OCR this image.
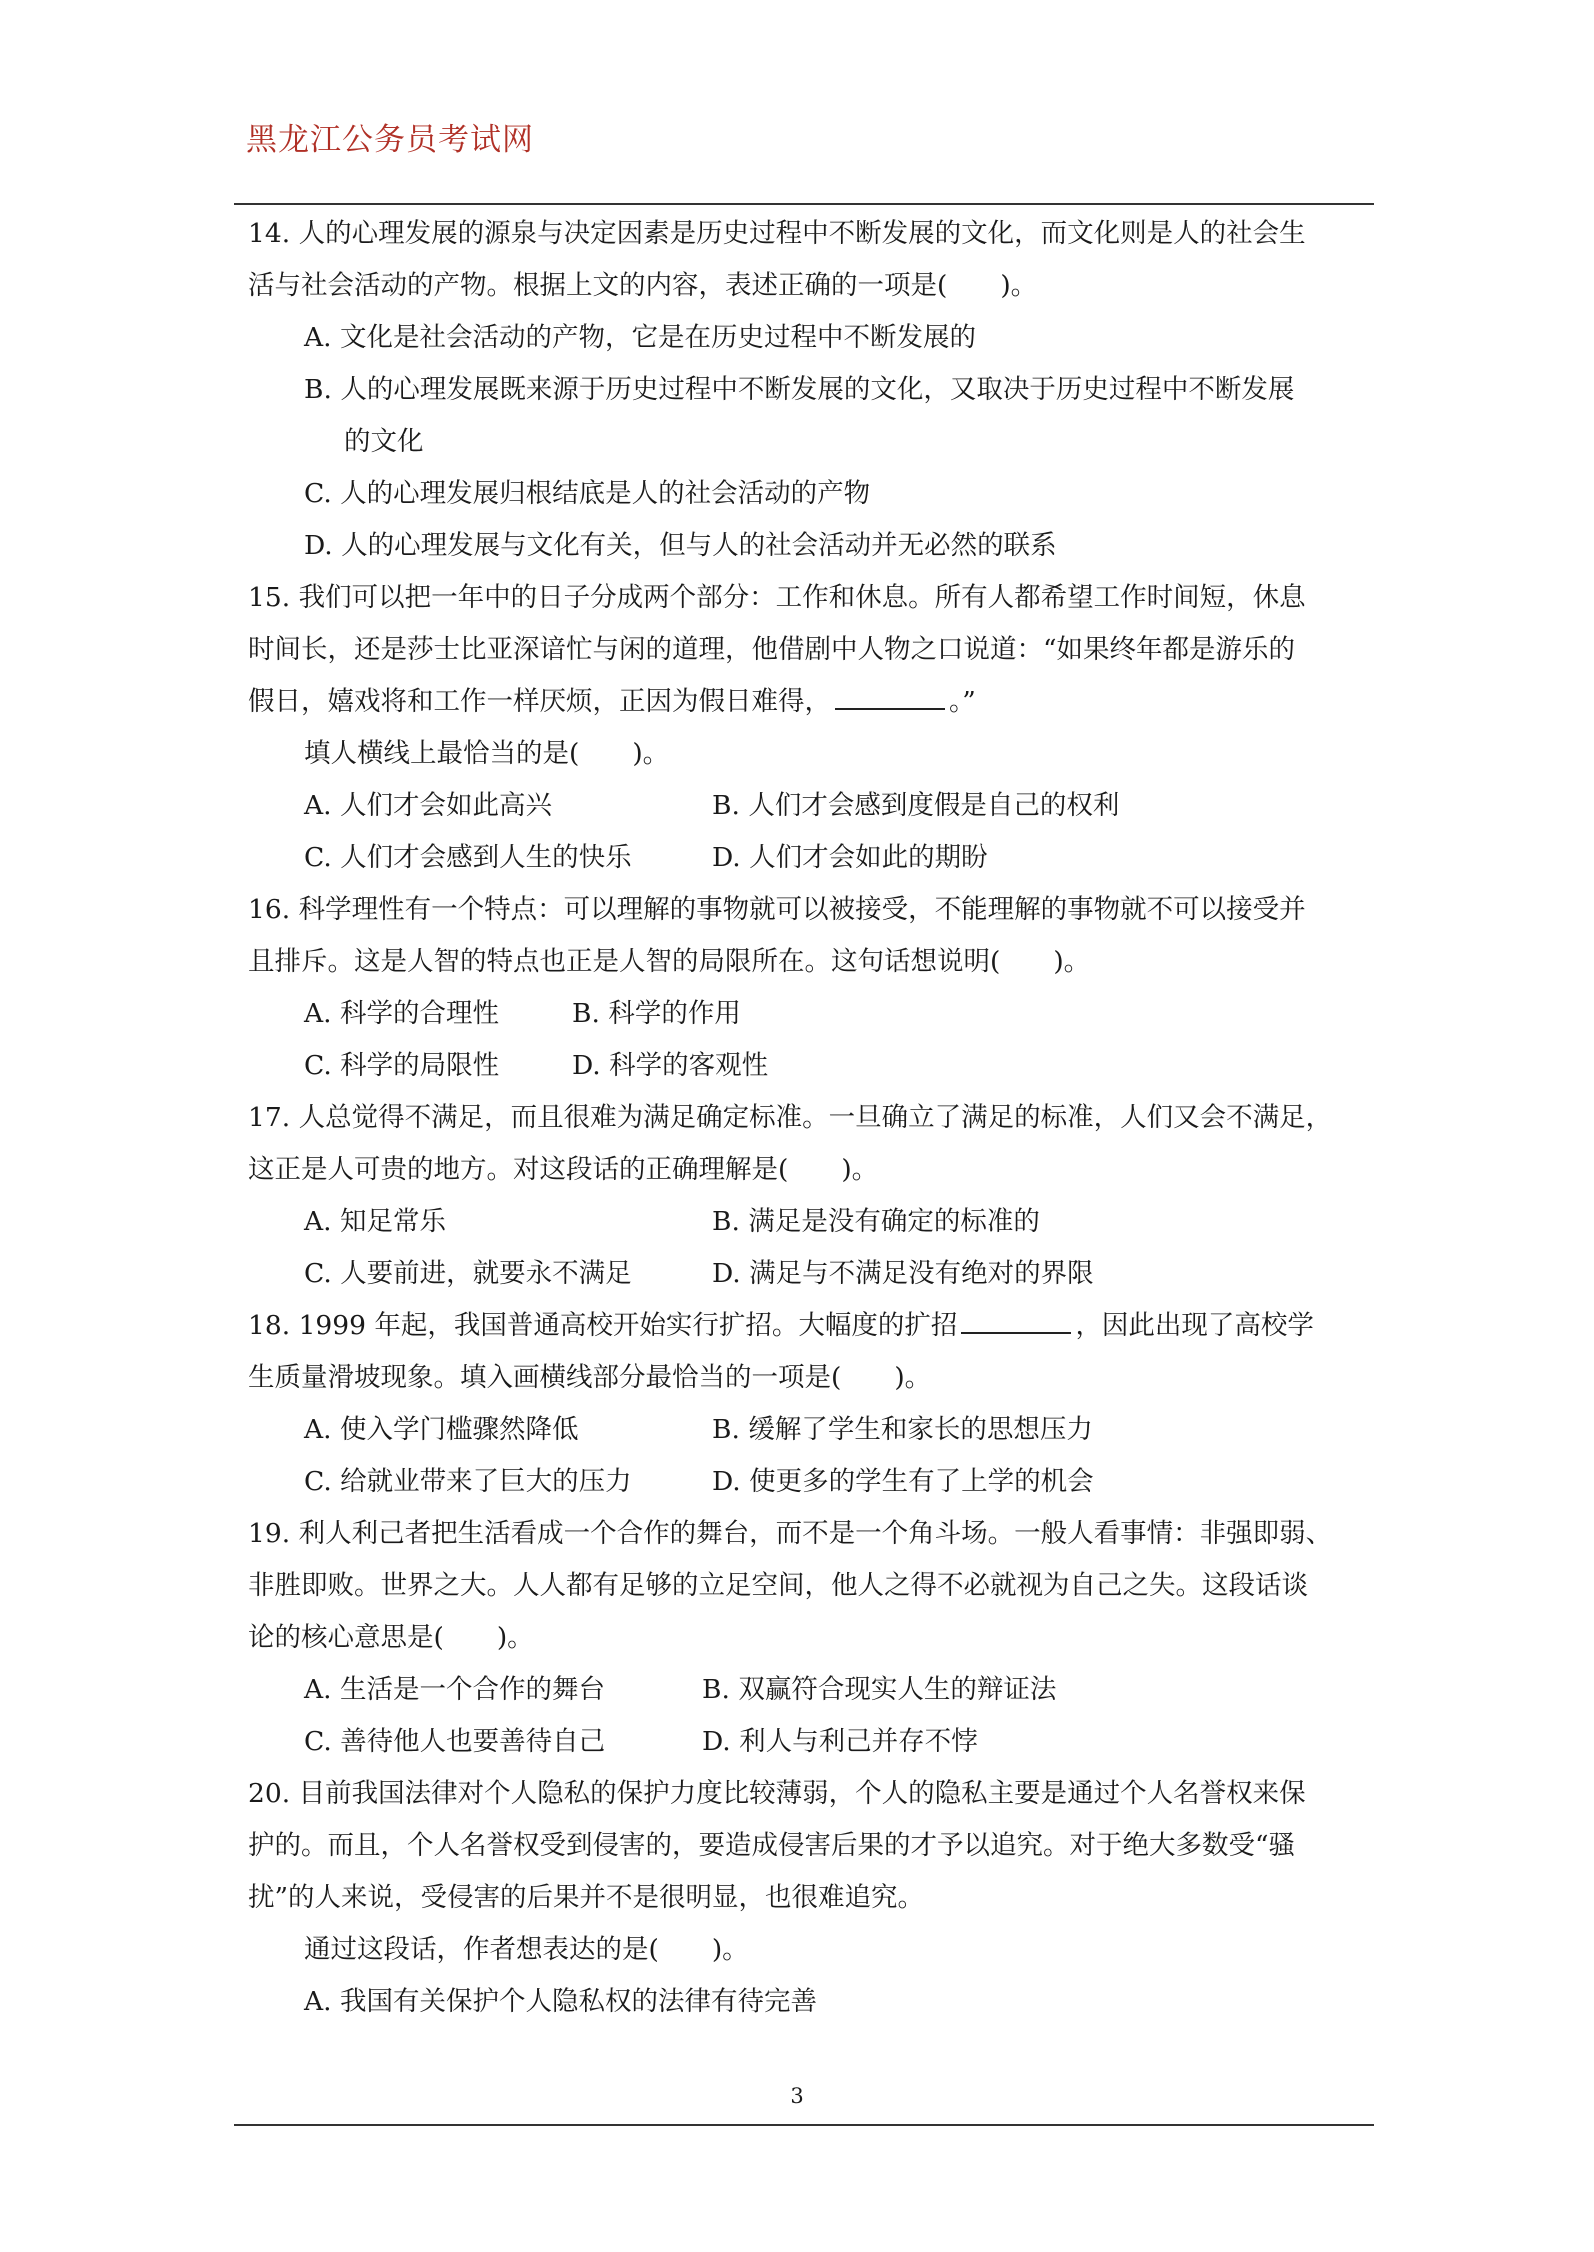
黑龙江公务员考试网

14. 人的心理发展的源泉与决定因素是历史过程中不断发展的文化，而文化则是人的社会生

活与社会活动的产物。根据上文的内容，表述正确的一项是(　　)。

A. 文化是社会活动的产物，它是在历史过程中不断发展的

B. 人的心理发展既来源于历史过程中不断发展的文化，又取决于历史过程中不断发展

的文化

C. 人的心理发展归根结底是人的社会活动的产物

D. 人的心理发展与文化有关，但与人的社会活动并无必然的联系

15. 我们可以把一年中的日子分成两个部分：工作和休息。所有人都希望工作时间短，休息

时间长，还是莎士比亚深谙忙与闲的道理，他借剧中人物之口说道：“如果终年都是游乐的

假日，嬉戏将和工作一样厌烦，正因为假日难得，	。”

填人横线上最恰当的是(　　)。

A. 人们才会如此高兴	B. 人们才会感到度假是自己的权利
C. 人们才会感到人生的快乐	D. 人们才会如此的期盼

16. 科学理性有一个特点：可以理解的事物就可以被接受，不能理解的事物就不可以接受并

且排斥。这是人智的特点也正是人智的局限所在。这句话想说明(　　)。

A. 科学的合理性	B. 科学的作用
C. 科学的局限性	D. 科学的客观性

17. 人总觉得不满足，而且很难为满足确定标准。一旦确立了满足的标准，人们又会不满足，

这正是人可贵的地方。对这段话的正确理解是(　　)。

A. 知足常乐	B. 满足是没有确定的标准的
C. 人要前进，就要永不满足	D. 满足与不满足没有绝对的界限

18. 1999 年起，我国普通高校开始实行扩招。大幅度的扩招	，因此出现了高校学

生质量滑坡现象。填入画横线部分最恰当的一项是(　　)。

A. 使入学门槛骤然降低	B. 缓解了学生和家长的思想压力
C. 给就业带来了巨大的压力	D. 使更多的学生有了上学的机会

19. 利人利己者把生活看成一个合作的舞台，而不是一个角斗场。一般人看事情：非强即弱、

非胜即败。世界之大。人人都有足够的立足空间，他人之得不必就视为自己之失。这段话谈

论的核心意思是(　　)。

A. 生活是一个合作的舞台	B. 双赢符合现实人生的辩证法
C. 善待他人也要善待自己	D. 利人与利己并存不悖

20. 目前我国法律对个人隐私的保护力度比较薄弱，个人的隐私主要是通过个人名誉权来保

护的。而且，个人名誉权受到侵害的，要造成侵害后果的才予以追究。对于绝大多数受“骚

扰”的人来说，受侵害的后果并不是很明显，也很难追究。

通过这段话，作者想表达的是(　　)。

A. 我国有关保护个人隐私权的法律有待完善

3
